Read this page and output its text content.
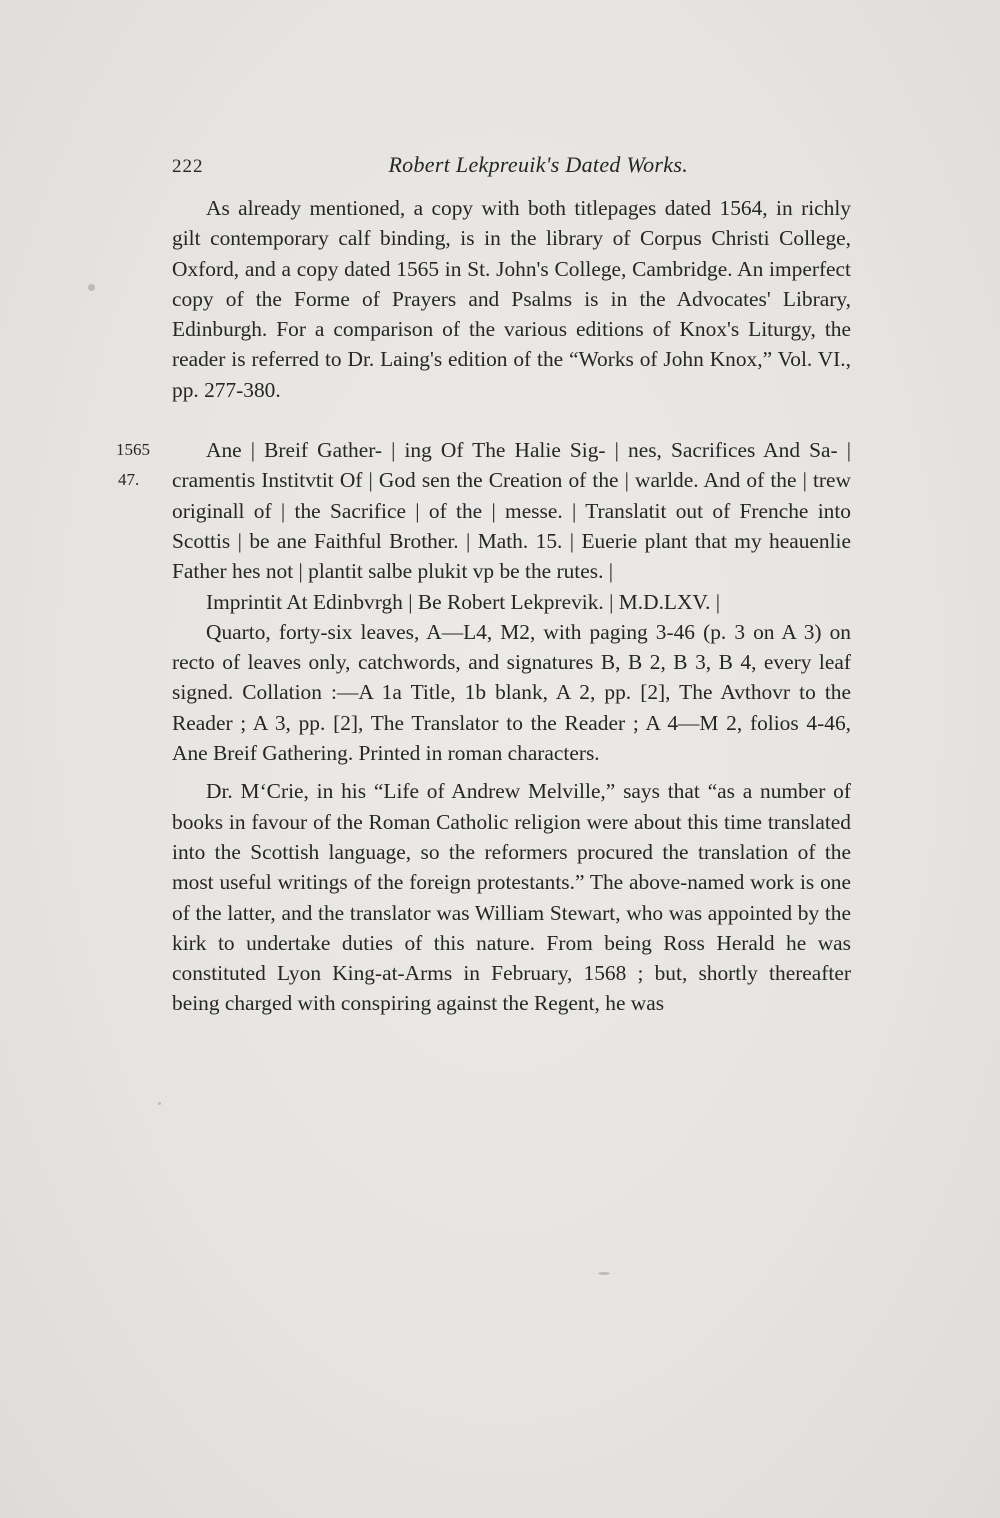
222	Robert Lekpreuik's Dated Works.

As already mentioned, a copy with both titlepages dated 1564, in richly gilt contemporary calf binding, is in the library of Corpus Christi College, Oxford, and a copy dated 1565 in St. John's College, Cambridge. An imperfect copy of the Forme of Prayers and Psalms is in the Advocates' Library, Edinburgh. For a comparison of the various editions of Knox's Liturgy, the reader is referred to Dr. Laing's edition of the “Works of John Knox,” Vol. VI., pp. 277-380.

1565
47.

Ane | Breif Gather- | ing Of The Halie Sig- | nes, Sacrifices And Sa- | cramentis Institvtit Of | God sen the Creation of the | warlde. And of the | trew originall of | the Sacrifice | of the | messe. | Translatit out of Frenche into Scottis | be ane Faithful Brother. | Math. 15. | Euerie plant that my heauenlie Father hes not | plantit salbe plukit vp be the rutes. |

Imprintit At Edinbvrgh | Be Robert Lekprevik. | M.D.LXV. |

Quarto, forty-six leaves, A—L4, M2, with paging 3-46 (p. 3 on A 3) on recto of leaves only, catchwords, and signatures B, B 2, B 3, B 4, every leaf signed. Collation :—A 1a Title, 1b blank, A 2, pp. [2], The Avthovr to the Reader ; A 3, pp. [2], The Translator to the Reader ; A 4—M 2, folios 4-46, Ane Breif Gathering. Printed in roman characters.

Dr. M‘Crie, in his “Life of Andrew Melville,” says that “as a number of books in favour of the Roman Catholic religion were about this time translated into the Scottish language, so the reformers procured the translation of the most useful writings of the foreign protestants.” The above-named work is one of the latter, and the translator was William Stewart, who was appointed by the kirk to undertake duties of this nature. From being Ross Herald he was constituted Lyon King-at-Arms in February, 1568 ; but, shortly thereafter being charged with conspiring against the Regent, he was
